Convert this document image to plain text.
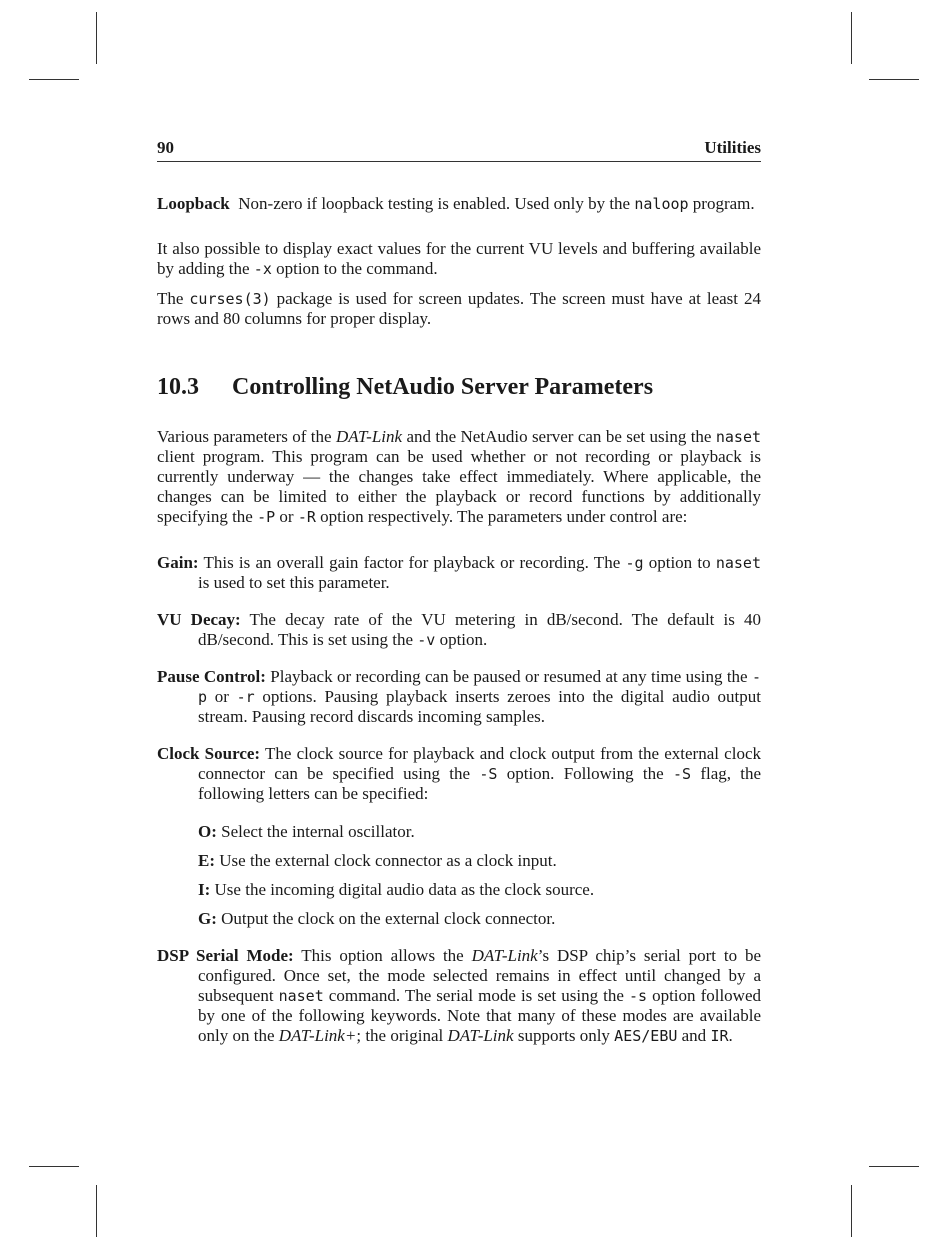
90	Utilities
Loopback Non-zero if loopback testing is enabled. Used only by the naloop program.

It also possible to display exact values for the current VU levels and buffering available by adding the -x option to the command.

The curses(3) package is used for screen updates. The screen must have at least 24 rows and 80 columns for proper display.

10.3 Controlling NetAudio Server Parameters

Various parameters of the DAT-Link and the NetAudio server can be set using the naset client program. This program can be used whether or not recording or playback is currently underway — the changes take effect immediately. Where applicable, the changes can be limited to either the playback or record functions by additionally specifying the -P or -R option respectively. The parameters under control are:

Gain: This is an overall gain factor for playback or recording. The -g option to naset is used to set this parameter.
VU Decay: The decay rate of the VU metering in dB/second. The default is 40 dB/second. This is set using the -v option.
Pause Control: Playback or recording can be paused or resumed at any time using the -p or -r options. Pausing playback inserts zeroes into the digital audio output stream. Pausing record discards incoming samples.
Clock Source: The clock source for playback and clock output from the external clock connector can be specified using the -S option. Following the -S flag, the following letters can be specified:
O: Select the internal oscillator.
E: Use the external clock connector as a clock input.
I: Use the incoming digital audio data as the clock source.
G: Output the clock on the external clock connector.
DSP Serial Mode: This option allows the DAT-Link’s DSP chip’s serial port to be configured. Once set, the mode selected remains in effect until changed by a subsequent naset command. The serial mode is set using the -s option followed by one of the following keywords. Note that many of these modes are available only on the DAT-Link+; the original DAT-Link supports only AES/EBU and IR.
